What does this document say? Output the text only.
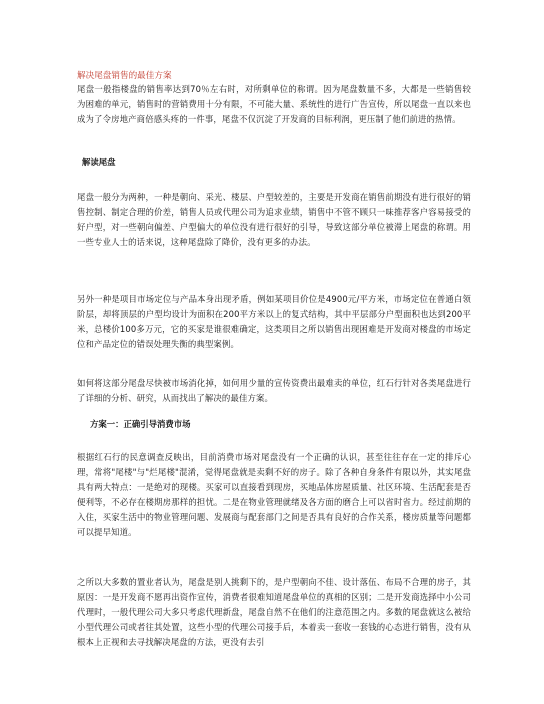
解决尾盘销售的最佳方案

尾盘一般指楼盘的销售率达到70％左右时，对所剩单位的称谓。因为尾盘数量不多，大都是一些销售较为困难的单元，销售时的营销费用十分有限，不可能大量、系统性的进行广告宣传，所以尾盘一直以来也成为了令房地产商倍感头疼的一件事，尾盘不仅沉淀了开发商的目标利润，更压制了他们前进的热情。

解读尾盘

尾盘一般分为两种，一种是朝向、采光、楼层、户型较差的，主要是开发商在销售前期没有进行很好的销售控制、制定合理的价差，销售人员或代理公司为追求业绩，销售中不管不顾只一味推荐客户容易接受的好户型，对一些朝向偏差、户型偏大的单位没有进行很好的引导，导致这部分单位被滞上尾盘的称谓。用一些专业人士的话来说，这种尾盘除了降价，没有更多的办法。

另外一种是项目市场定位与产品本身出现矛盾，例如某项目价位是4900元/平方米，市场定位在普通白领阶层，却将顶层的户型均设计为面积在200平方米以上的复式结构，其中平层部分户型面积也达到200平米，总楼价100多万元，它的买家是谁很难确定，这类项目之所以销售出现困难是开发商对楼盘的市场定位和产品定位的错误处理失衡的典型案例。

如何将这部分尾盘尽快被市场消化掉，如何用少量的宣传资费出最难卖的单位，红石行针对各类尾盘进行了详细的分析、研究，从而找出了解决的最佳方案。

方案一：正确引导消费市场

根据红石行的民意调查反映出，目前消费市场对尾盘没有一个正确的认识，甚至往往存在一定的排斥心理，常将"尾楼"与"烂尾楼"混淆，觉得尾盘就是卖剩不好的房子。除了各种自身条件有限以外，其实尾盘具有两大特点：一是绝对的现楼。买家可以直接看到现房，买地品体房屋质量、社区环境、生活配套是否便利等，不必存在楼期房那样的担忧。二是在物业管理就绪及各方面的磨合上可以省时省力。经过前期的入住，买家生活中的物业管理问题、发展商与配套部门之间是否具有良好的合作关系，楼房质量等问题都可以提早知道。

之所以大多数的置业者认为，尾盘是别人挑剩下的，是户型朝向不佳、设计落伍、布局不合理的房子，其原因：一是开发商不愿再出资作宣传，消费者很难知道尾盘单位的真相的区别；二是开发商选择中小公司代理时，一般代理公司大多只考虑代理新盘，尾盘自然不在他们的注意范围之内。多数的尾盘就这么被给小型代理公司或者往其处置，这些小型的代理公司接手后，本着卖一套收一套钱的心态进行销售，没有从根本上正视和去寻找解决尾盘的方法，更没有去引
